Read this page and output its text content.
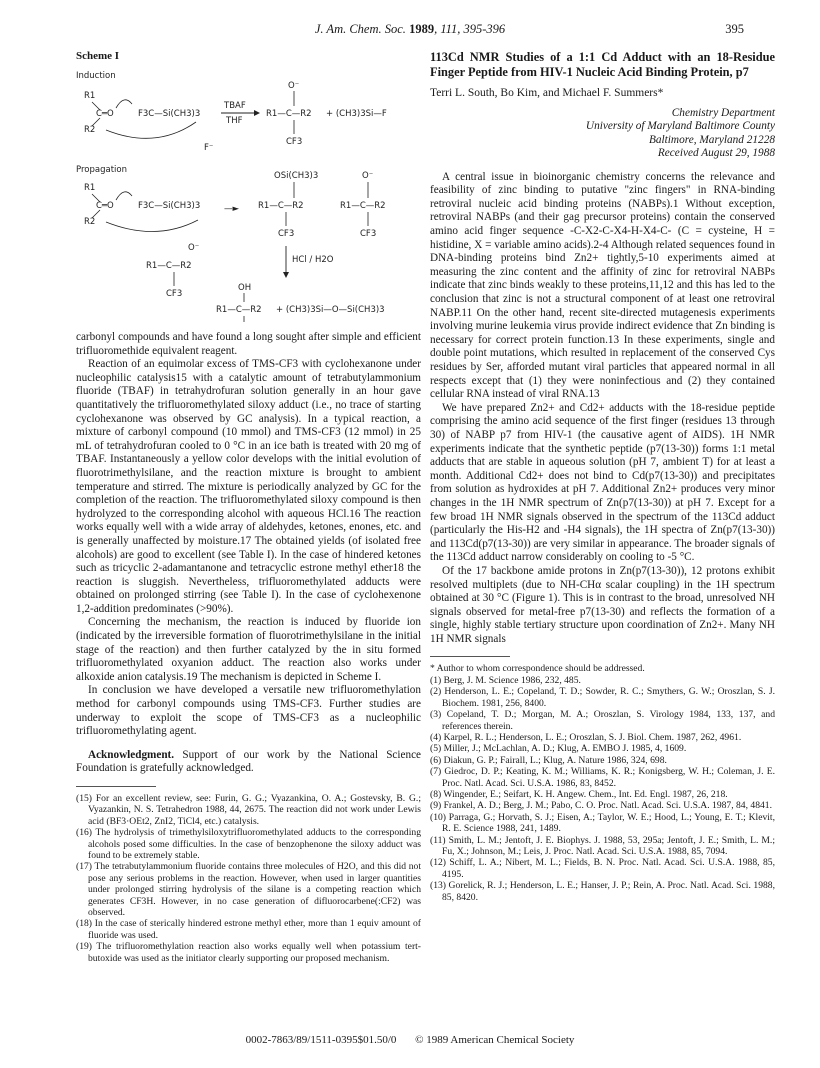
J. Am. Chem. Soc. 1989, 111, 395-396	395
Scheme I
Induction
R1
C═O
R2
F3C—Si(CH3)3
F⁻
TBAF
THF
O⁻
R1—C—R2
CF3
+ (CH3)3Si—F
Propagation
R1
C═O
R2
F3C—Si(CH3)3
O⁻
—►
OSi(CH3)3
R1—C—R2
CF3
O⁻
R1—C—R2
CF3
R1—C—R2
CF3
HCl / H2O
OH
R1—C—R2 + (CH3)3Si—O—Si(CH3)3

carbonyl compounds and have found a long sought after simple and efficient trifluoromethide equivalent reagent.

Reaction of an equimolar excess of TMS-CF3 with cyclohexanone under nucleophilic catalysis15 with a catalytic amount of tetrabutylammonium fluoride (TBAF) in tetrahydrofuran solution generally in an hour gave quantitatively the trifluoromethylated siloxy adduct (i.e., no trace of starting cyclohexanone was observed by GC analysis). In a typical reaction, a mixture of carbonyl compound (10 mmol) and TMS-CF3 (12 mmol) in 25 mL of tetrahydrofuran cooled to 0 °C in an ice bath is treated with 20 mg of TBAF. Instantaneously a yellow color develops with the initial evolution of fluorotrimethylsilane, and the reaction mixture is brought to ambient temperature and stirred. The mixture is periodically analyzed by GC for the completion of the reaction. The trifluoromethylated siloxy compound is then hydrolyzed to the corresponding alcohol with aqueous HCl.16 The reaction works equally well with a wide array of aldehydes, ketones, enones, etc. and is generally unaffected by moisture.17 The obtained yields (of isolated free alcohols) are good to excellent (see Table I). In the case of hindered ketones such as tricyclic 2-adamantanone and tetracyclic estrone methyl ether18 the reaction is sluggish. Nevertheless, trifluoromethylated adducts were obtained on prolonged stirring (see Table I). In the case of cyclohexenone 1,2-addition predominates (>90%).

Concerning the mechanism, the reaction is induced by fluoride ion (indicated by the irreversible formation of fluorotrimethylsilane in the initial stage of the reaction) and then further catalyzed by the in situ formed trifluoromethylated oxyanion adduct. The reaction also works under alkoxide anion catalysis.19 The mechanism is depicted in Scheme I.

In conclusion we have developed a versatile new trifluoromethylation method for carbonyl compounds using TMS-CF3. Further studies are underway to exploit the scope of TMS-CF3 as a nucleophilic trifluoromethylating agent.

Acknowledgment. Support of our work by the National Science Foundation is gratefully acknowledged.

(15) For an excellent review, see: Furin, G. G.; Vyazankina, O. A.; Gostevsky, B. G.; Vyazankin, N. S. Tetrahedron 1988, 44, 2675. The reaction did not work under Lewis acid (BF3·OEt2, ZnI2, TiCl4, etc.) catalysis.
(16) The hydrolysis of trimethylsiloxytrifluoromethylated adducts to the corresponding alcohols posed some difficulties. In the case of benzophenone the siloxy adduct was found to be extremely stable.
(17) The tetrabutylammonium fluoride contains three molecules of H2O, and this did not pose any serious problems in the reaction. However, when used in larger quantities under prolonged stirring hydrolysis of the silane is a competing reaction which generates CF3H. However, in no case generation of difluorocarbene(:CF2) was observed.
(18) In the case of sterically hindered estrone methyl ether, more than 1 equiv amount of fluoride was used.
(19) The trifluoromethylation reaction also works equally well when potassium tert-butoxide was used as the initiator clearly supporting our proposed mechanism.
113Cd NMR Studies of a 1:1 Cd Adduct with an 18-Residue Finger Peptide from HIV-1 Nucleic Acid Binding Protein, p7
Terri L. South, Bo Kim, and Michael F. Summers*
Chemistry Department
University of Maryland Baltimore County
Baltimore, Maryland 21228
Received August 29, 1988

A central issue in bioinorganic chemistry concerns the relevance and feasibility of zinc binding to putative "zinc fingers" in RNA-binding retroviral nucleic acid binding proteins (NABPs).1 Without exception, retroviral NABPs (and their gag precursor proteins) contain the conserved amino acid finger sequence -C-X2-C-X4-H-X4-C- (C = cysteine, H = histidine, X = variable amino acids).2-4 Although related sequences found in DNA-binding proteins bind Zn2+ tightly,5-10 experiments aimed at measuring the zinc content and the affinity of zinc for retroviral NABPs indicate that zinc binds weakly to these proteins,11,12 and this has led to the conclusion that zinc is not a structural component of at least one retroviral NABP.11 On the other hand, recent site-directed mutagenesis experiments involving murine leukemia virus provide indirect evidence that Zn binding is necessary for correct protein function.13 In these experiments, single and double point mutations, which resulted in replacement of the conserved Cys residues by Ser, afforded mutant viral particles that appeared normal in all respects except that (1) they were noninfectious and (2) they contained cellular RNA instead of viral RNA.13

We have prepared Zn2+ and Cd2+ adducts with the 18-residue peptide comprising the amino acid sequence of the first finger (residues 13 through 30) of NABP p7 from HIV-1 (the causative agent of AIDS). 1H NMR experiments indicate that the synthetic peptide (p7(13-30)) forms 1:1 metal adducts that are stable in aqueous solution (pH 7, ambient T) for at least a month. Additional Cd2+ does not bind to Cd(p7(13-30)) and precipitates from solution as hydroxides at pH 7. Additional Zn2+ produces very minor changes in the 1H NMR spectrum of Zn(p7(13-30)) at pH 7. Except for a few broad 1H NMR signals observed in the spectrum of the 113Cd adduct (particularly the His-H2 and -H4 signals), the 1H spectra of Zn(p7(13-30)) and 113Cd(p7(13-30)) are very similar in appearance. The broader signals of the 113Cd adduct narrow considerably on cooling to -5 °C.

Of the 17 backbone amide protons in Zn(p7(13-30)), 12 protons exhibit resolved multiplets (due to NH-CHα scalar coupling) in the 1H spectrum obtained at 30 °C (Figure 1). This is in contrast to the broad, unresolved NH signals observed for metal-free p7(13-30) and reflects the formation of a single, highly stable tertiary structure upon coordination of Zn2+. Many NH 1H NMR signals

* Author to whom correspondence should be addressed.
(1) Berg, J. M. Science 1986, 232, 485.
(2) Henderson, L. E.; Copeland, T. D.; Sowder, R. C.; Smythers, G. W.; Oroszlan, S. J. Biochem. 1981, 256, 8400.
(3) Copeland, T. D.; Morgan, M. A.; Oroszlan, S. Virology 1984, 133, 137, and references therein.
(4) Karpel, R. L.; Henderson, L. E.; Oroszlan, S. J. Biol. Chem. 1987, 262, 4961.
(5) Miller, J.; McLachlan, A. D.; Klug, A. EMBO J. 1985, 4, 1609.
(6) Diakun, G. P.; Fairall, L.; Klug, A. Nature 1986, 324, 698.
(7) Giedroc, D. P.; Keating, K. M.; Williams, K. R.; Konigsberg, W. H.; Coleman, J. E. Proc. Natl. Acad. Sci. U.S.A. 1986, 83, 8452.
(8) Wingender, E.; Seifart, K. H. Angew. Chem., Int. Ed. Engl. 1987, 26, 218.
(9) Frankel, A. D.; Berg, J. M.; Pabo, C. O. Proc. Natl. Acad. Sci. U.S.A. 1987, 84, 4841.
(10) Parraga, G.; Horvath, S. J.; Eisen, A.; Taylor, W. E.; Hood, L.; Young, E. T.; Klevit, R. E. Science 1988, 241, 1489.
(11) Smith, L. M.; Jentoft, J. E. Biophys. J. 1988, 53, 295a; Jentoft, J. E.; Smith, L. M.; Fu, X.; Johnson, M.; Leis, J. Proc. Natl. Acad. Sci. U.S.A. 1988, 85, 7094.
(12) Schiff, L. A.; Nibert, M. L.; Fields, B. N. Proc. Natl. Acad. Sci. U.S.A. 1988, 85, 4195.
(13) Gorelick, R. J.; Henderson, L. E.; Hanser, J. P.; Rein, A. Proc. Natl. Acad. Sci. 1988, 85, 8420.
0002-7863/89/1511-0395$01.50/0 © 1989 American Chemical Society
